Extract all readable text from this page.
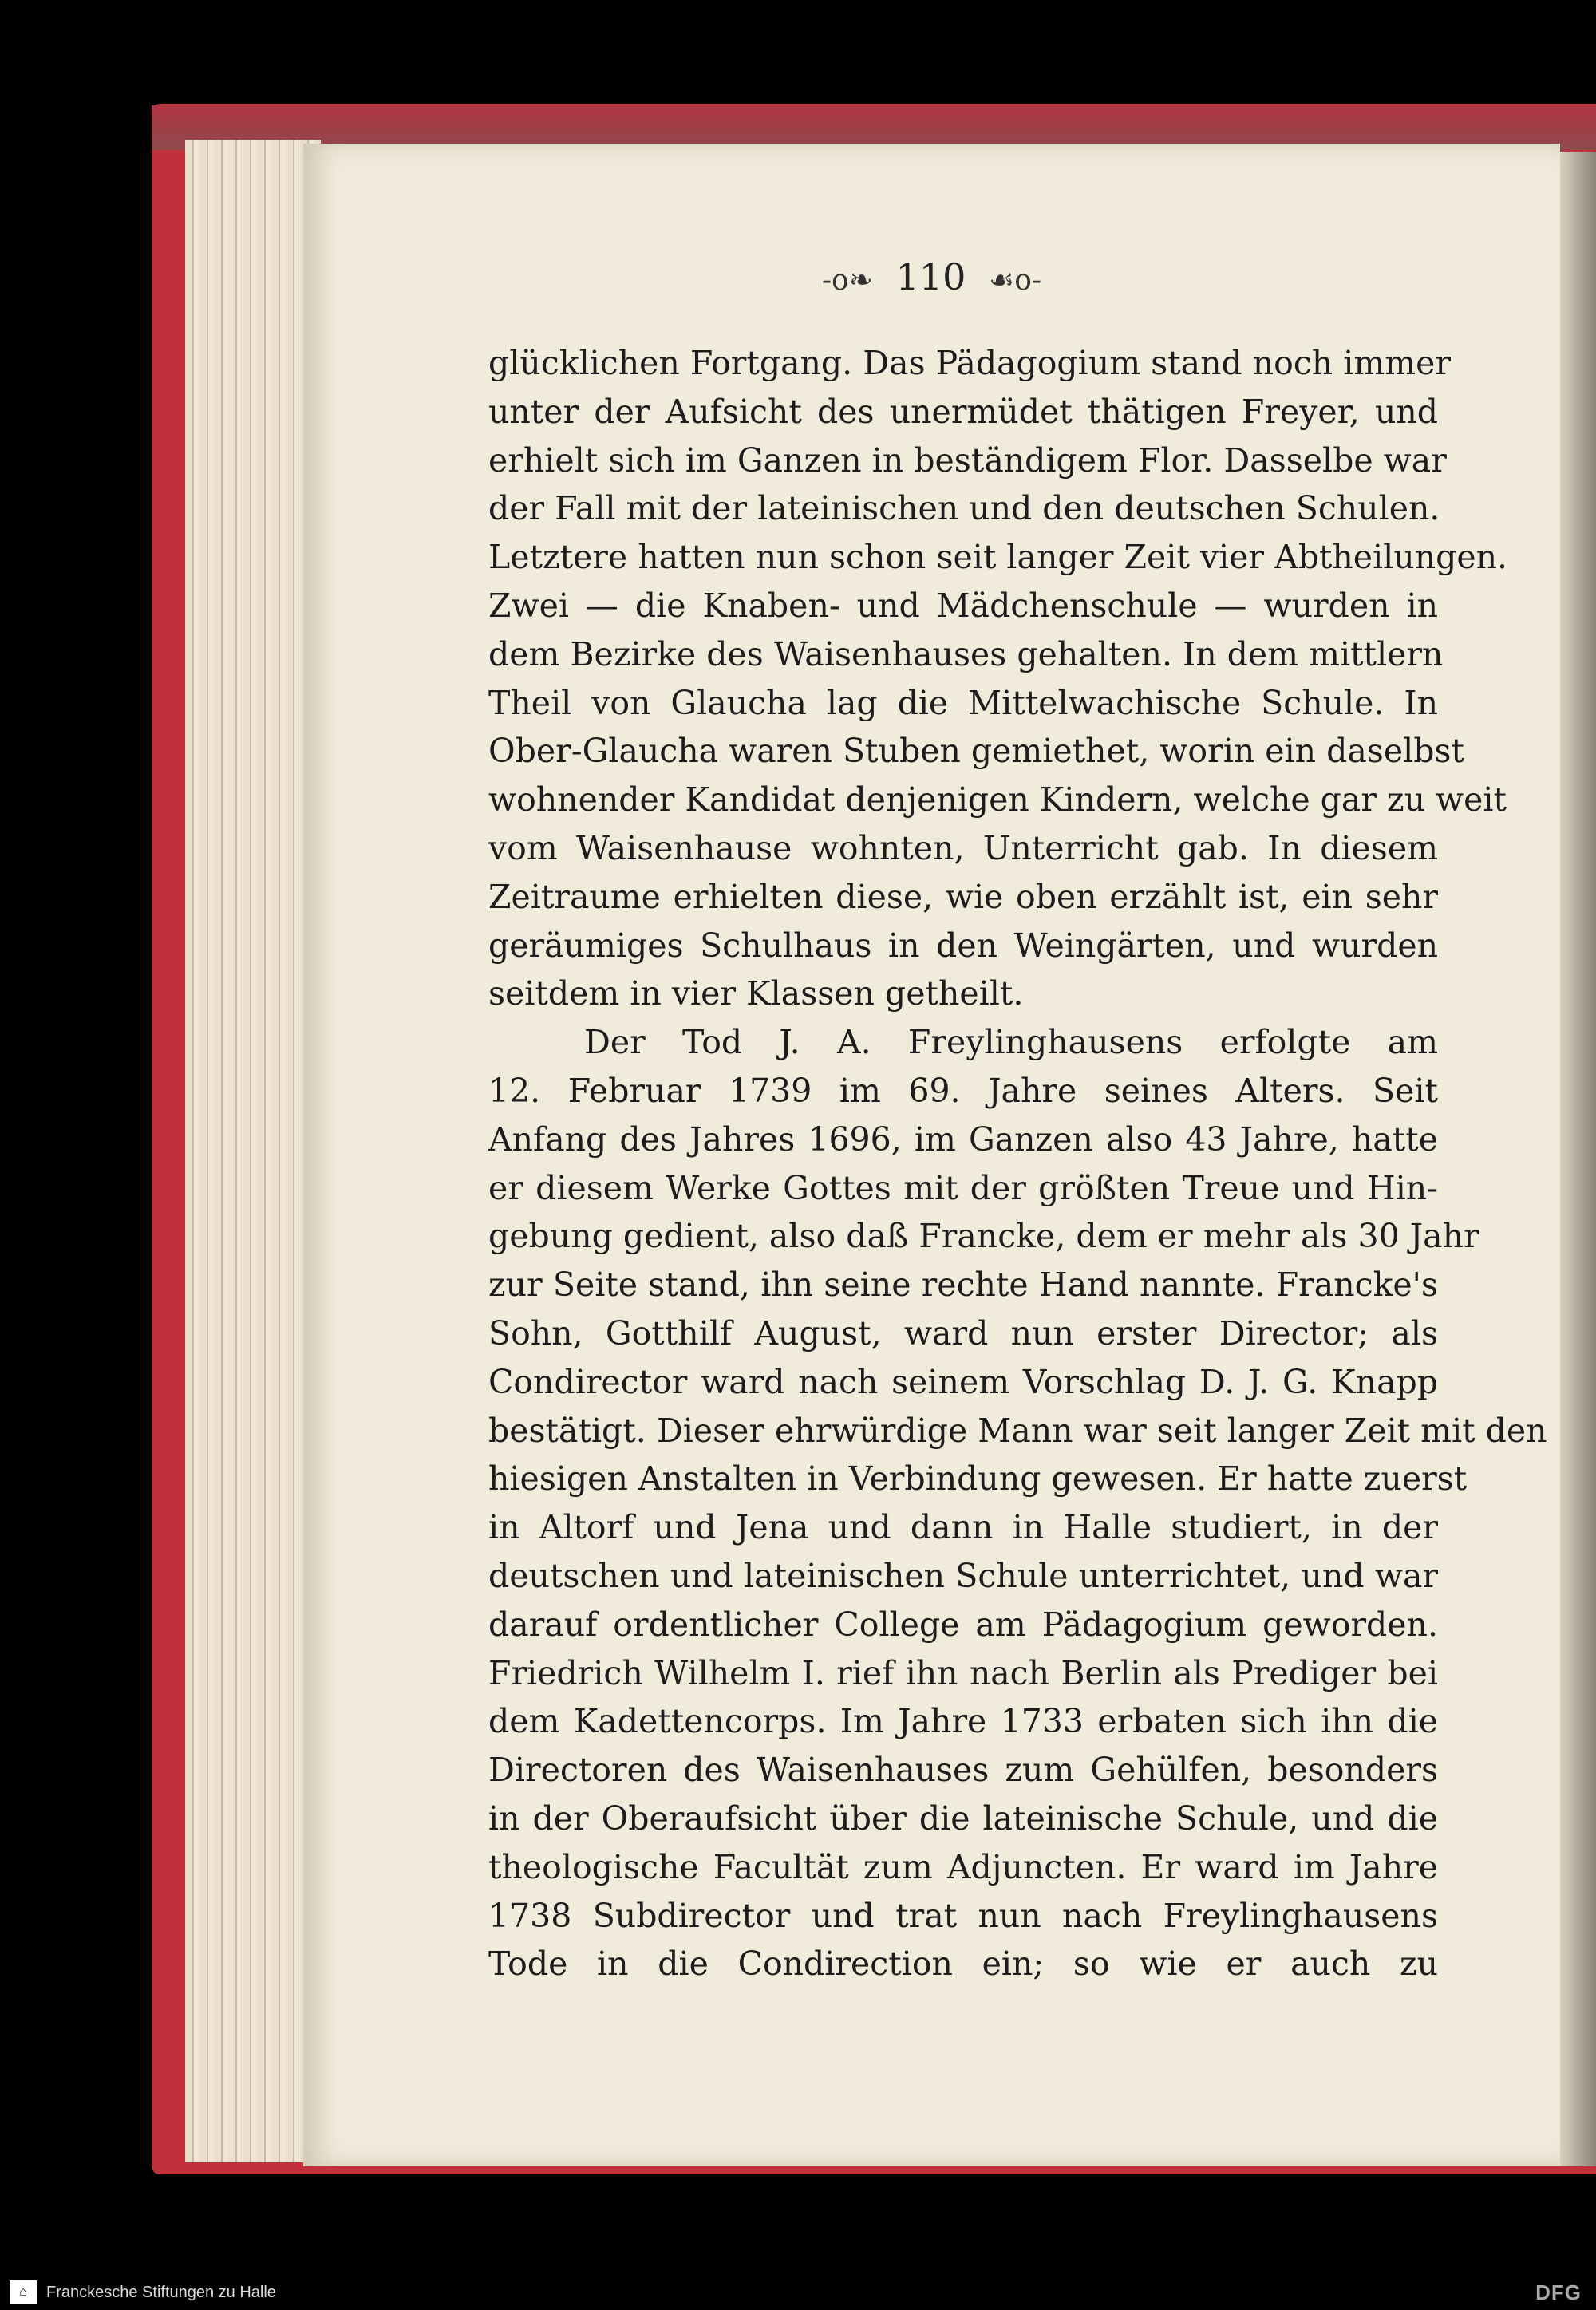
-o❧ 110 ☙o-
glücklichen Fortgang. Das Pädagogium stand noch immer
unter der Aufsicht des unermüdet thätigen Freyer, und
erhielt sich im Ganzen in beständigem Flor. Dasselbe war
der Fall mit der lateinischen und den deutschen Schulen.
Letztere hatten nun schon seit langer Zeit vier Abtheilungen.
Zwei — die Knaben- und Mädchenschule — wurden in
dem Bezirke des Waisenhauses gehalten. In dem mittlern
Theil von Glaucha lag die Mittelwachische Schule. In
Ober-Glaucha waren Stuben gemiethet, worin ein daselbst
wohnender Kandidat denjenigen Kindern, welche gar zu weit
vom Waisenhause wohnten, Unterricht gab. In diesem
Zeitraume erhielten diese, wie oben erzählt ist, ein sehr
geräumiges Schulhaus in den Weingärten, und wurden
seitdem in vier Klassen getheilt.
Der Tod J. A. Freylinghausens erfolgte am
12. Februar 1739 im 69. Jahre seines Alters. Seit
Anfang des Jahres 1696, im Ganzen also 43 Jahre, hatte
er diesem Werke Gottes mit der größten Treue und Hin-
gebung gedient, also daß Francke, dem er mehr als 30 Jahr
zur Seite stand, ihn seine rechte Hand nannte. Francke's
Sohn, Gotthilf August, ward nun erster Director; als
Condirector ward nach seinem Vorschlag D. J. G. Knapp
bestätigt. Dieser ehrwürdige Mann war seit langer Zeit mit den
hiesigen Anstalten in Verbindung gewesen. Er hatte zuerst
in Altorf und Jena und dann in Halle studiert, in der
deutschen und lateinischen Schule unterrichtet, und war
darauf ordentlicher College am Pädagogium geworden.
Friedrich Wilhelm I. rief ihn nach Berlin als Prediger bei
dem Kadettencorps. Im Jahre 1733 erbaten sich ihn die
Directoren des Waisenhauses zum Gehülfen, besonders
in der Oberaufsicht über die lateinische Schule, und die
theologische Facultät zum Adjuncten. Er ward im Jahre
1738 Subdirector und trat nun nach Freylinghausens
Tode in die Condirection ein; so wie er auch zu
⌂	Franckesche Stiftungen zu Halle	DFG
